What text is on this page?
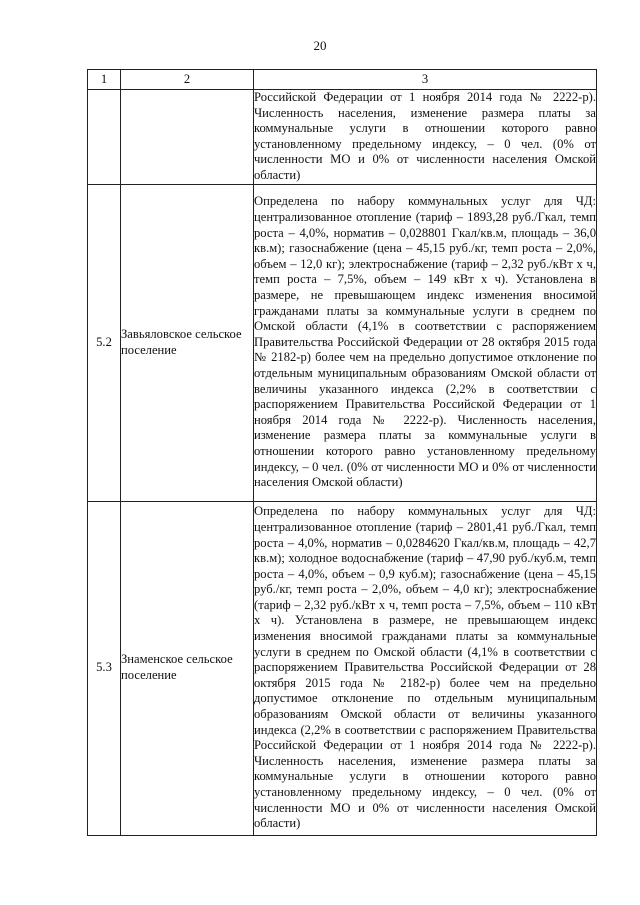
20
1	2	3

		Российской Федерации от 1 ноября 2014 года № 2222-р). Численность населения, изменение размера платы за коммунальные услуги в отношении которого равно установленному предельному индексу, – 0 чел. (0% от численности МО и 0% от численности населения Омской области)

5.2	Завьяловское сельское поселение	Определена по набору коммунальных услуг для ЧД: централизованное отопление (тариф – 1893,28 руб./Гкал, темп роста – 4,0%, норматив – 0,028801 Гкал/кв.м, площадь – 36,0 кв.м); газоснабжение (цена – 45,15 руб./кг, темп роста – 2,0%, объем – 12,0 кг); электроснабжение (тариф – 2,32 руб./кВт х ч, темп роста – 7,5%, объем – 149 кВт х ч). Установлена в размере, не превышающем индекс изменения вносимой гражданами платы за коммунальные услуги в среднем по Омской области (4,1% в соответствии с распоряжением Правительства Российской Федерации от 28 октября 2015 года № 2182-р) более чем на предельно допустимое отклонение по отдельным муниципальным образованиям Омской области от величины указанного индекса (2,2% в соответствии с распоряжением Правительства Российской Федерации от 1 ноября 2014 года № 2222-р). Численность населения, изменение размера платы за коммунальные услуги в отношении которого равно установленному предельному индексу, – 0 чел. (0% от численности МО и 0% от численности населения Омской области)

5.3	Знаменское сельское поселение	Определена по набору коммунальных услуг для ЧД: централизованное отопление (тариф – 2801,41 руб./Гкал, темп роста – 4,0%, норматив – 0,0284620 Гкал/кв.м, площадь – 42,7 кв.м); холодное водоснабжение (тариф – 47,90 руб./куб.м, темп роста – 4,0%, объем – 0,9 куб.м); газоснабжение (цена – 45,15 руб./кг, темп роста – 2,0%, объем – 4,0 кг); электроснабжение (тариф – 2,32 руб./кВт х ч, темп роста – 7,5%, объем – 110 кВт х ч). Установлена в размере, не превышающем индекс изменения вносимой гражданами платы за коммунальные услуги в среднем по Омской области (4,1% в соответствии с распоряжением Правительства Российской Федерации от 28 октября 2015 года № 2182-р) более чем на предельно допустимое отклонение по отдельным муниципальным образованиям Омской области от величины указанного индекса (2,2% в соответствии с распоряжением Правительства Российской Федерации от 1 ноября 2014 года № 2222-р). Численность населения, изменение размера платы за коммунальные услуги в отношении которого равно установленному предельному индексу, – 0 чел. (0% от численности МО и 0% от численности населения Омской области)
